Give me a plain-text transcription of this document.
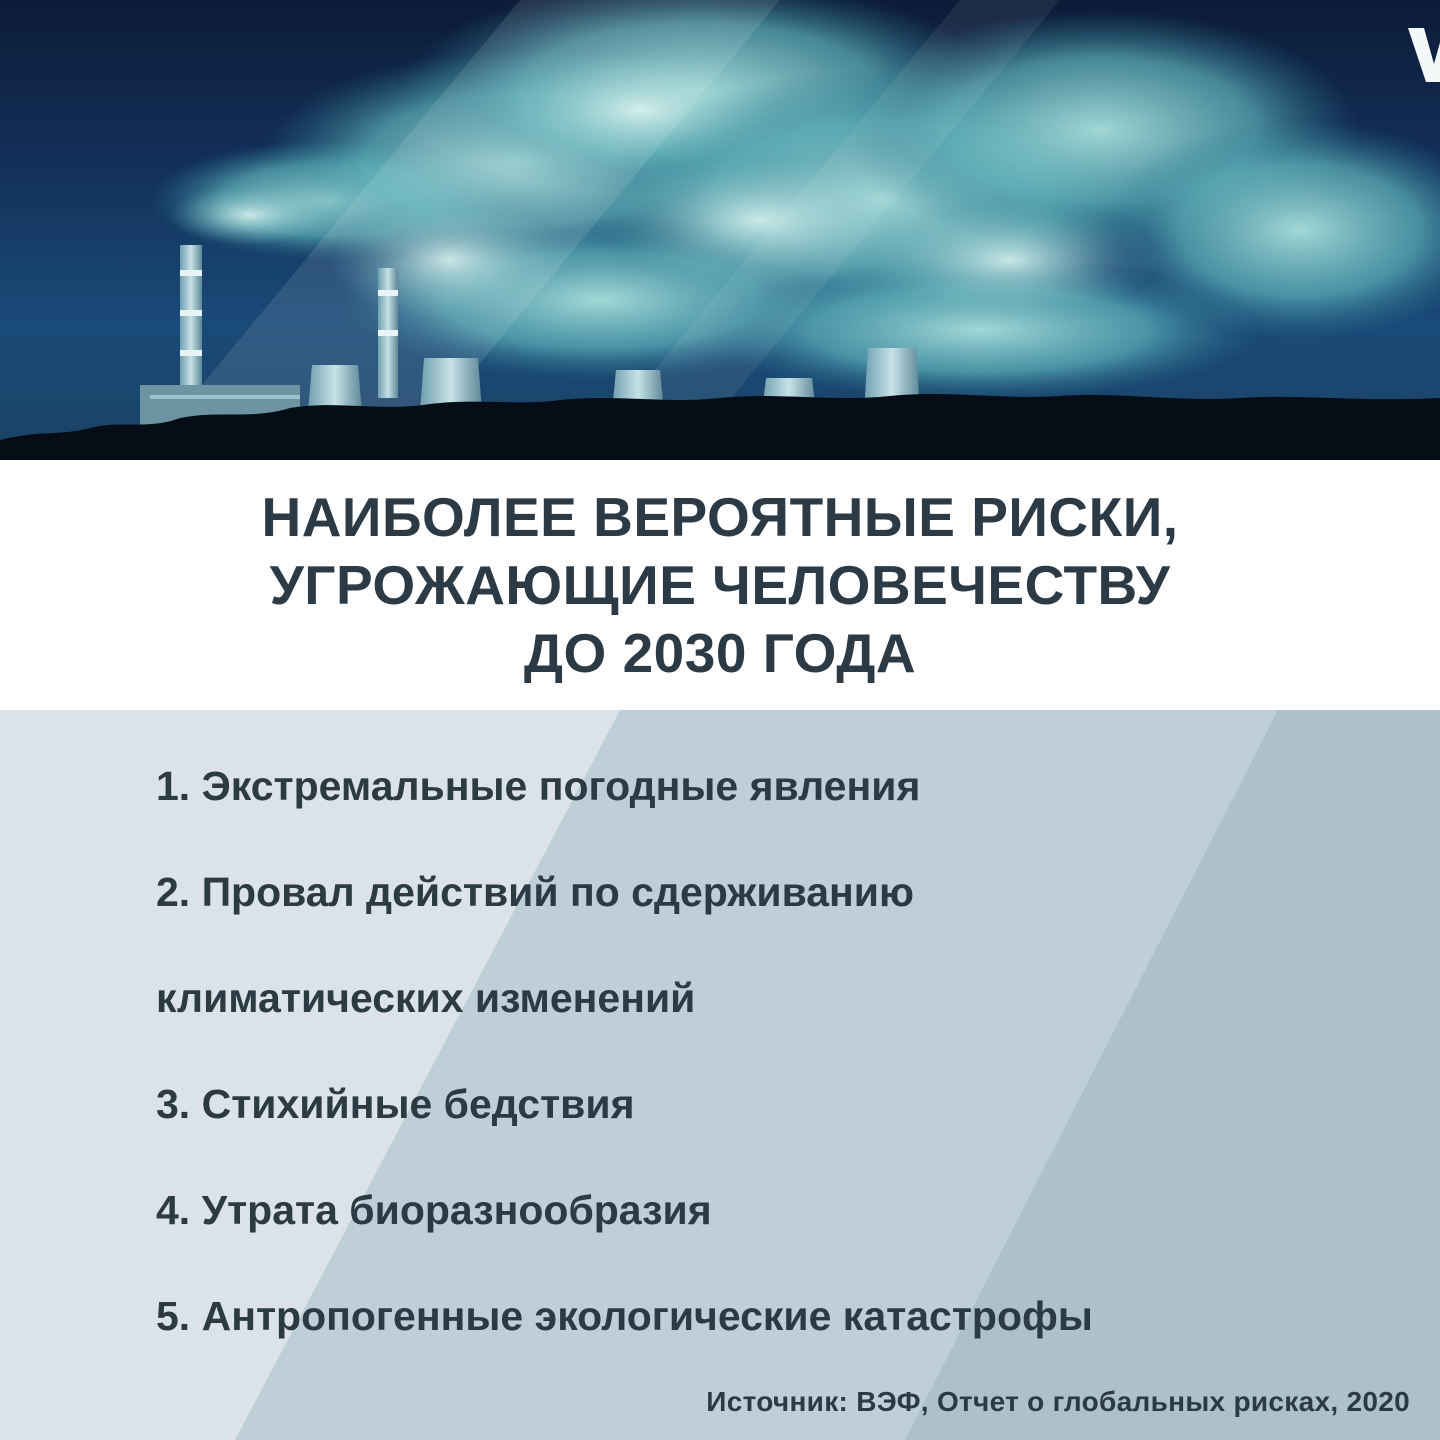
НАИБОЛЕЕ ВЕРОЯТНЫЕ РИСКИ,
УГРОЖАЮЩИЕ ЧЕЛОВЕЧЕСТВУ
ДО 2030 ГОДА
1. Экстремальные погодные явления
2. Провал действий по сдерживанию
климатических изменений
3. Стихийные бедствия
4. Утрата биоразнообразия
5. Антропогенные экологические катастрофы

Источник: ВЭФ, Отчет о глобальных рисках, 2020
